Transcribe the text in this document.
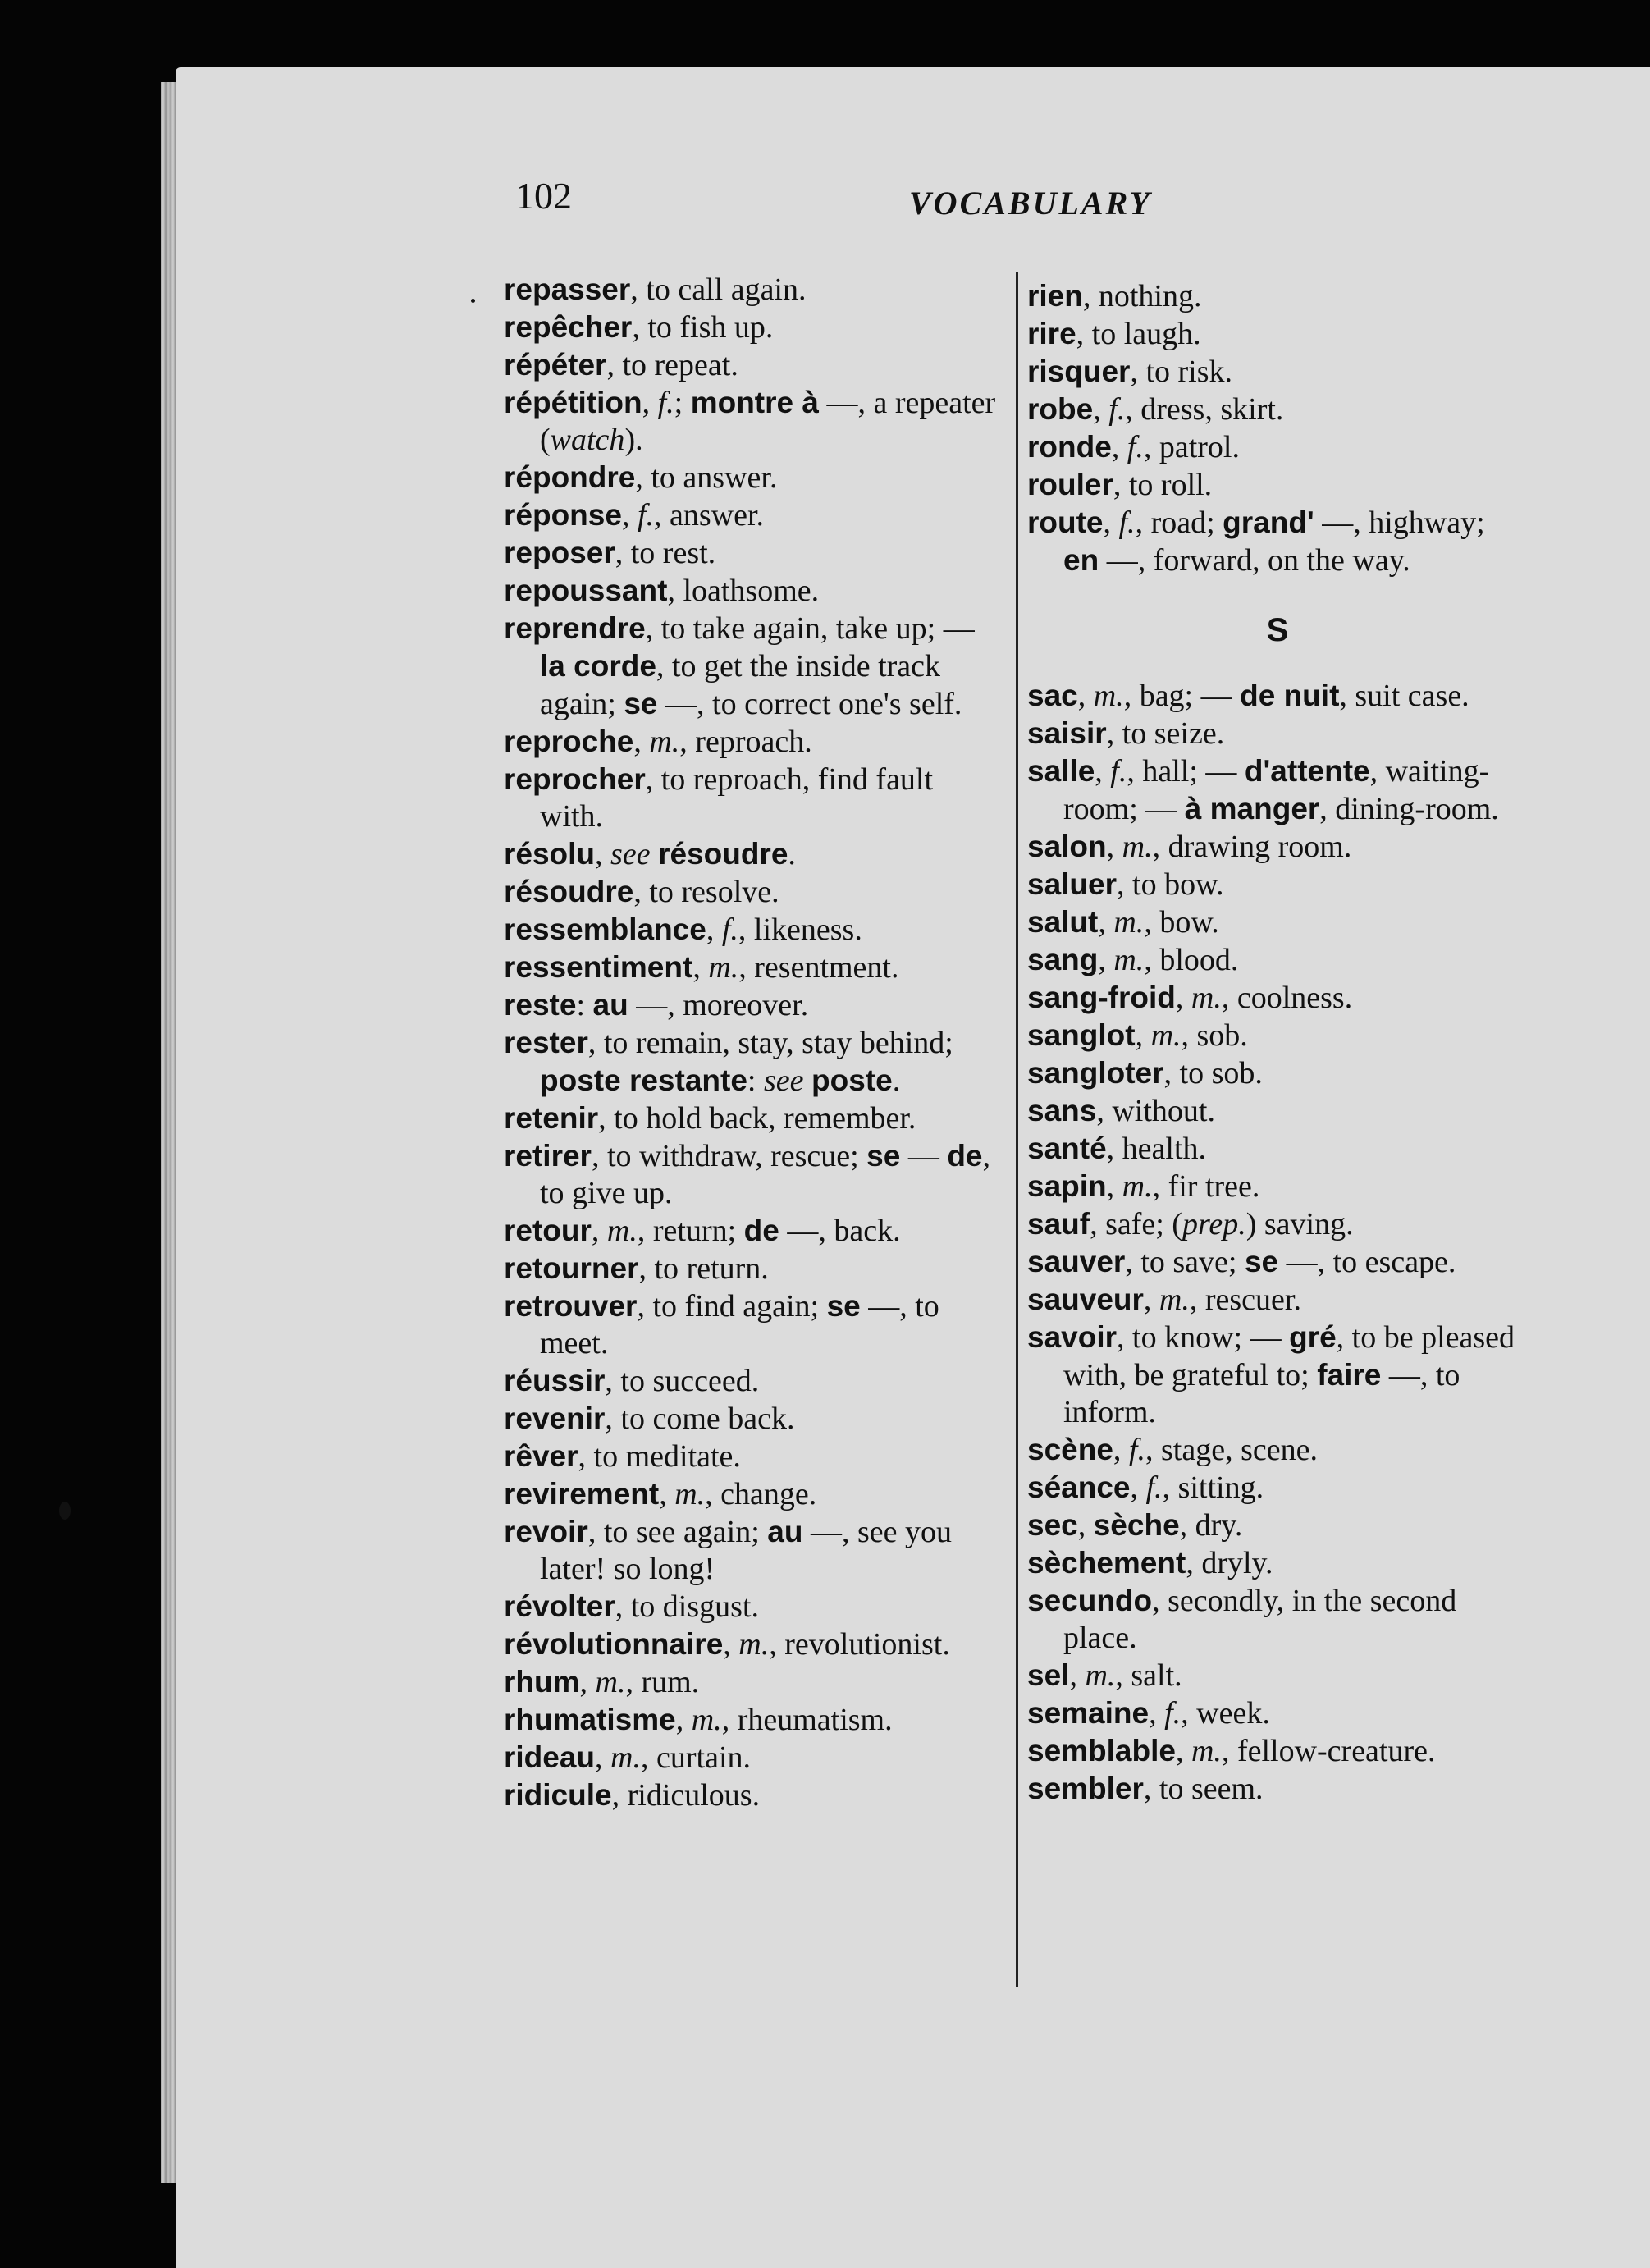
102	VOCABULARY

repasser, to call again.

repêcher, to fish up.

répéter, to repeat.

répétition, f.; montre à —, a repeater (watch).

répondre, to answer.

réponse, f., answer.

reposer, to rest.

repoussant, loathsome.

reprendre, to take again, take up; — la corde, to get the inside track again; se —, to correct one's self.

reproche, m., reproach.

reprocher, to reproach, find fault with.

résolu, see résoudre.

résoudre, to resolve.

ressemblance, f., likeness.

ressentiment, m., resentment.

reste: au —, moreover.

rester, to remain, stay, stay behind; poste restante: see poste.

retenir, to hold back, remember.

retirer, to withdraw, rescue; se — de, to give up.

retour, m., return; de —, back.

retourner, to return.

retrouver, to find again; se —, to meet.

réussir, to succeed.

revenir, to come back.

rêver, to meditate.

revirement, m., change.

revoir, to see again; au —, see you later! so long!

révolter, to disgust.

révolutionnaire, m., revolutionist.

rhum, m., rum.

rhumatisme, m., rheumatism.

rideau, m., curtain.

ridicule, ridiculous.

rien, nothing.

rire, to laugh.

risquer, to risk.

robe, f., dress, skirt.

ronde, f., patrol.

rouler, to roll.

route, f., road; grand' —, highway; en —, forward, on the way.

S

sac, m., bag; — de nuit, suit case.

saisir, to seize.

salle, f., hall; — d'attente, waiting-room; — à manger, dining-room.

salon, m., drawing room.

saluer, to bow.

salut, m., bow.

sang, m., blood.

sang-froid, m., coolness.

sanglot, m., sob.

sangloter, to sob.

sans, without.

santé, health.

sapin, m., fir tree.

sauf, safe; (prep.) saving.

sauver, to save; se —, to escape.

sauveur, m., rescuer.

savoir, to know; — gré, to be pleased with, be grateful to; faire —, to inform.

scène, f., stage, scene.

séance, f., sitting.

sec, sèche, dry.

sèchement, dryly.

secundo, secondly, in the second place.

sel, m., salt.

semaine, f., week.

semblable, m., fellow-creature.

sembler, to seem.
